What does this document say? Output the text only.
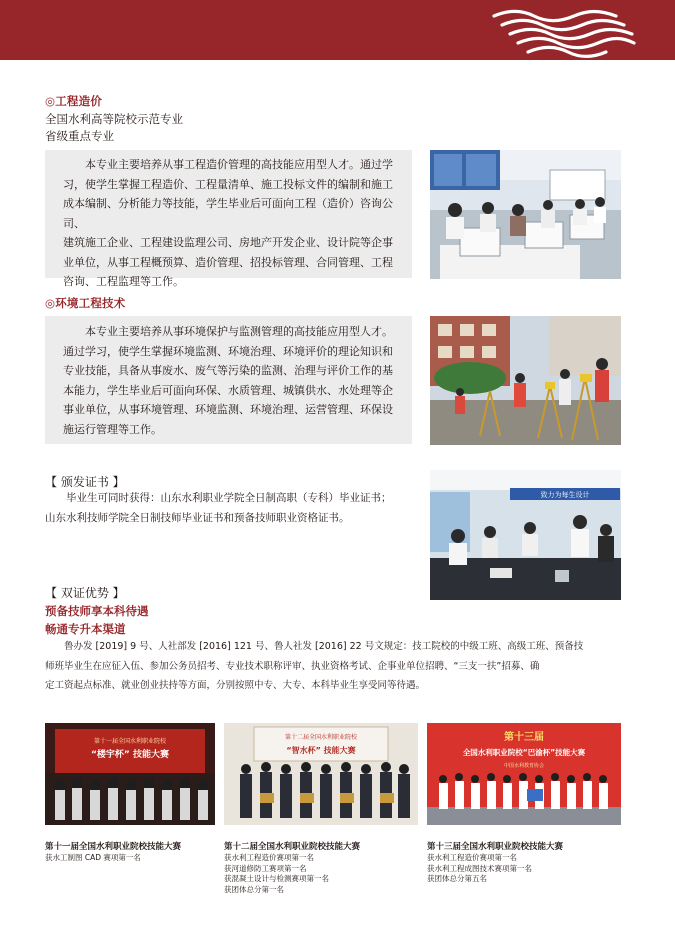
◎工程造价
全国水利高等院校示范专业
省级重点专业

　　本专业主要培养从事工程造价管理的高技能应用型人才。通过学

习，使学生掌握工程造价、工程量清单、施工投标文件的编制和施工

成本编制、分析能力等技能，学生毕业后可面向工程（造价）咨询公司、

建筑施工企业、工程建设监理公司、房地产开发企业、设计院等企事

业单位，从事工程概预算、造价管理、招投标管理、合同管理、工程

咨询、工程监理等工作。

◎环境工程技术

　　本专业主要培养从事环境保护与监测管理的高技能应用型人才。

通过学习，使学生掌握环境监测、环境治理、环境评价的理论知识和

专业技能，具备从事废水、废气等污染的监测、治理与评价工作的基

本能力，学生毕业后可面向环保、水质管理、城镇供水、水处理等企

事业单位，从事环境管理、环境监测、环境治理、运营管理、环保设

施运行管理等工作。

【 颁发证书 】
　　毕业生可同时获得：山东水利职业学院全日制高职（专科）毕业证书；
山东水利技师学院全日制技师毕业证书和预备技师职业资格证书。
致力为每生设计
【 双证优势 】
预备技师享本科待遇
畅通专升本渠道
　　鲁办发 [2019] 9 号、人社部发 [2016] 121 号、鲁人社发 [2016] 22 号文规定：技工院校的中级工班、高级工班、预备技
师班毕业生在应征入伍、参加公务员招考、专业技术职称评审、执业资格考试、企事业单位招聘、“三支一扶”招募、确
定工资起点标准、就业创业扶持等方面，分别按照中专、大专、本科毕业生享受同等待遇。
第十一届全国水利职业院校
“楼宇杯” 技能大赛
第十二届全国水利职业院校
“智水杯” 技能大赛
第十三届
全国水利职业院校“巴渝杯”技能大赛
中国水利教育协会
第十一届全国水利职业院校技能大赛
获水工制图 CAD 赛项第一名
第十二届全国水利职业院校技能大赛
获水利工程造价赛项第一名
获河道修防工赛项第一名
获混凝土设计与检测赛项第一名
获团体总分第一名
第十三届全国水利职业院校技能大赛
获水利工程造价赛项第一名
获水利工程成图技术赛项第一名
获团体总分第五名
